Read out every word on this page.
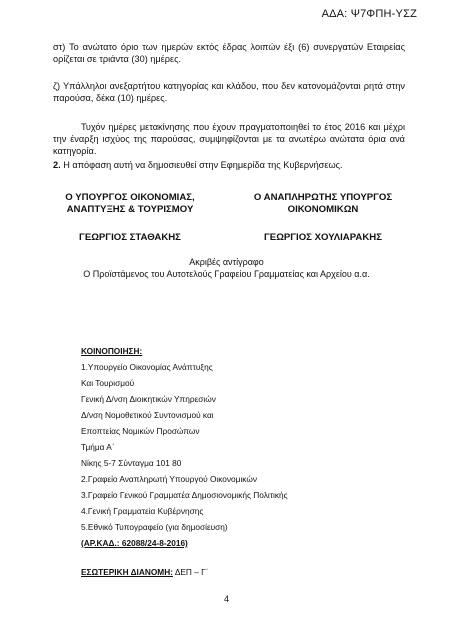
ΑΔΑ: Ψ7ΦΠΗ-ΥΣΖ

στ) Το ανώτατο όριο των ημερών εκτός έδρας λοιπών έξι (6) συνεργατών Εταιρείας ορίζεται σε τριάντα (30) ημέρες.

ζ) Υπάλληλοι ανεξαρτήτου κατηγορίας και κλάδου, που δεν κατονομάζονται ρητά στην παρούσα, δέκα (10) ημέρες.

Τυχόν ημέρες μετακίνησης που έχουν πραγματοποιηθεί το έτος 2016 και μέχρι την έναρξη ισχύος της παρούσας, συμψηφίζονται με τα ανωτέρω ανώτατα όρια ανά κατηγορία.

2. Η απόφαση αυτή να δημοσιευθεί στην Εφημερίδα της Κυβερνήσεως.

Ο ΥΠΟΥΡΓΟΣ ΟΙΚΟΝΟΜΙΑΣ,
ΑΝΑΠΤΥΞΗΣ & ΤΟΥΡΙΣΜΟΥ
ΓΕΩΡΓΙΟΣ ΣΤΑΘΑΚΗΣ
Ο ΑΝΑΠΛΗΡΩΤΗΣ ΥΠΟΥΡΓΟΣ
ΟΙΚΟΝΟΜΙΚΩΝ
ΓΕΩΡΓΙΟΣ ΧΟΥΛΙΑΡΑΚΗΣ
Ακριβές αντίγραφο
Ο Προϊστάμενος του Αυτοτελούς Γραφείου Γραμματείας και Αρχείου α.α.
ΚΟΙΝΟΠΟΙΗΣΗ:
1.Υπουργείο Οικονομίας Ανάπτυξης
Και Τουρισμού
Γενική Δ/νση Διοικητικών Υπηρεσιών
Δ/νση Νομοθετικού Συντονισμού και
Εποπτείας Νομικών Προσώπων
Τμήμα Α΄
Νίκης 5-7 Σύνταγμα 101 80
2.Γραφείο Αναπληρωτή Υπουργού Οικονομικών
3.Γραφείο Γενικού Γραμματέα Δημοσιονομικής Πολιτικής
4.Γενική Γραμματεία Κυβέρνησης
5.Εθνικό Τυπογραφείο (για δημοσίευση)
(ΑΡ.ΚΑΔ.: 62088/24-8-2016)
ΕΣΩΤΕΡΙΚΗ ΔΙΑΝΟΜΗ: ΔΕΠ – Γ΄
4
